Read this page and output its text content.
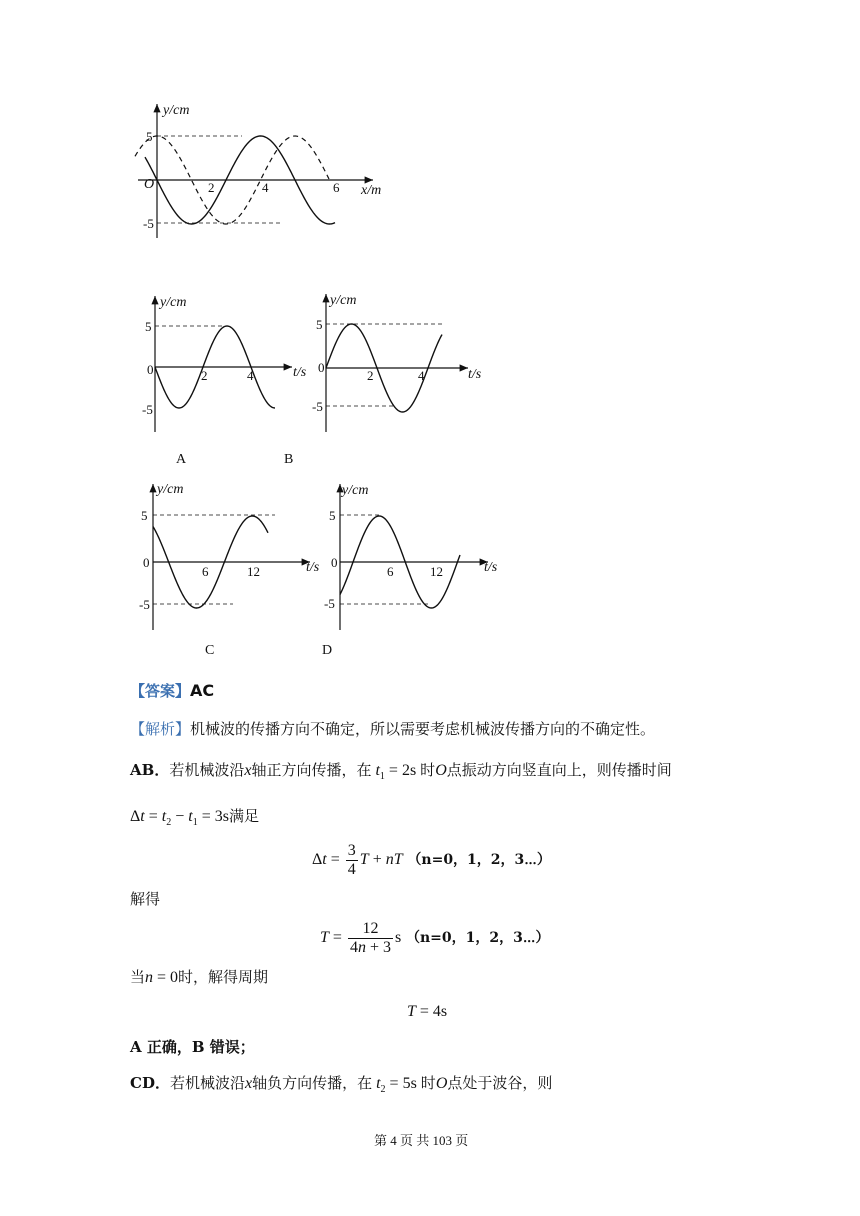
y/cm
x/m
O
5
-5
2	4	6
y/cm
t/s
0
5
-5
2	4
y/cm
t/s
0
5
-5
2	4
A	B
y/cm
t/s
0
5
-5
6	12
y/cm
t/s
0
5
-5
6	12
C	D
【答案】AC
【解析】机械波的传播方向不确定，所以需要考虑机械波传播方向的不确定性。
AB．若机械波沿x轴正方向传播，在 $t_1 = 2s$ 时O点振动方向竖直向上，则传播时间
$\Delta t = t_2 - t_1 = 3s$满足
$\Delta t = \frac{3}{4}$ T + nT （n=0，1，2，3⋯）
解得
$T = \frac{12}{4n + 3}$ s （n=0，1，2，3⋯）
当n = 0时，解得周期
T = 4s
A 正确，B 错误；
CD．若机械波沿x轴负方向传播，在 $t_2 = 5s$ 时O点处于波谷，则
第 4 页 共 103 页
